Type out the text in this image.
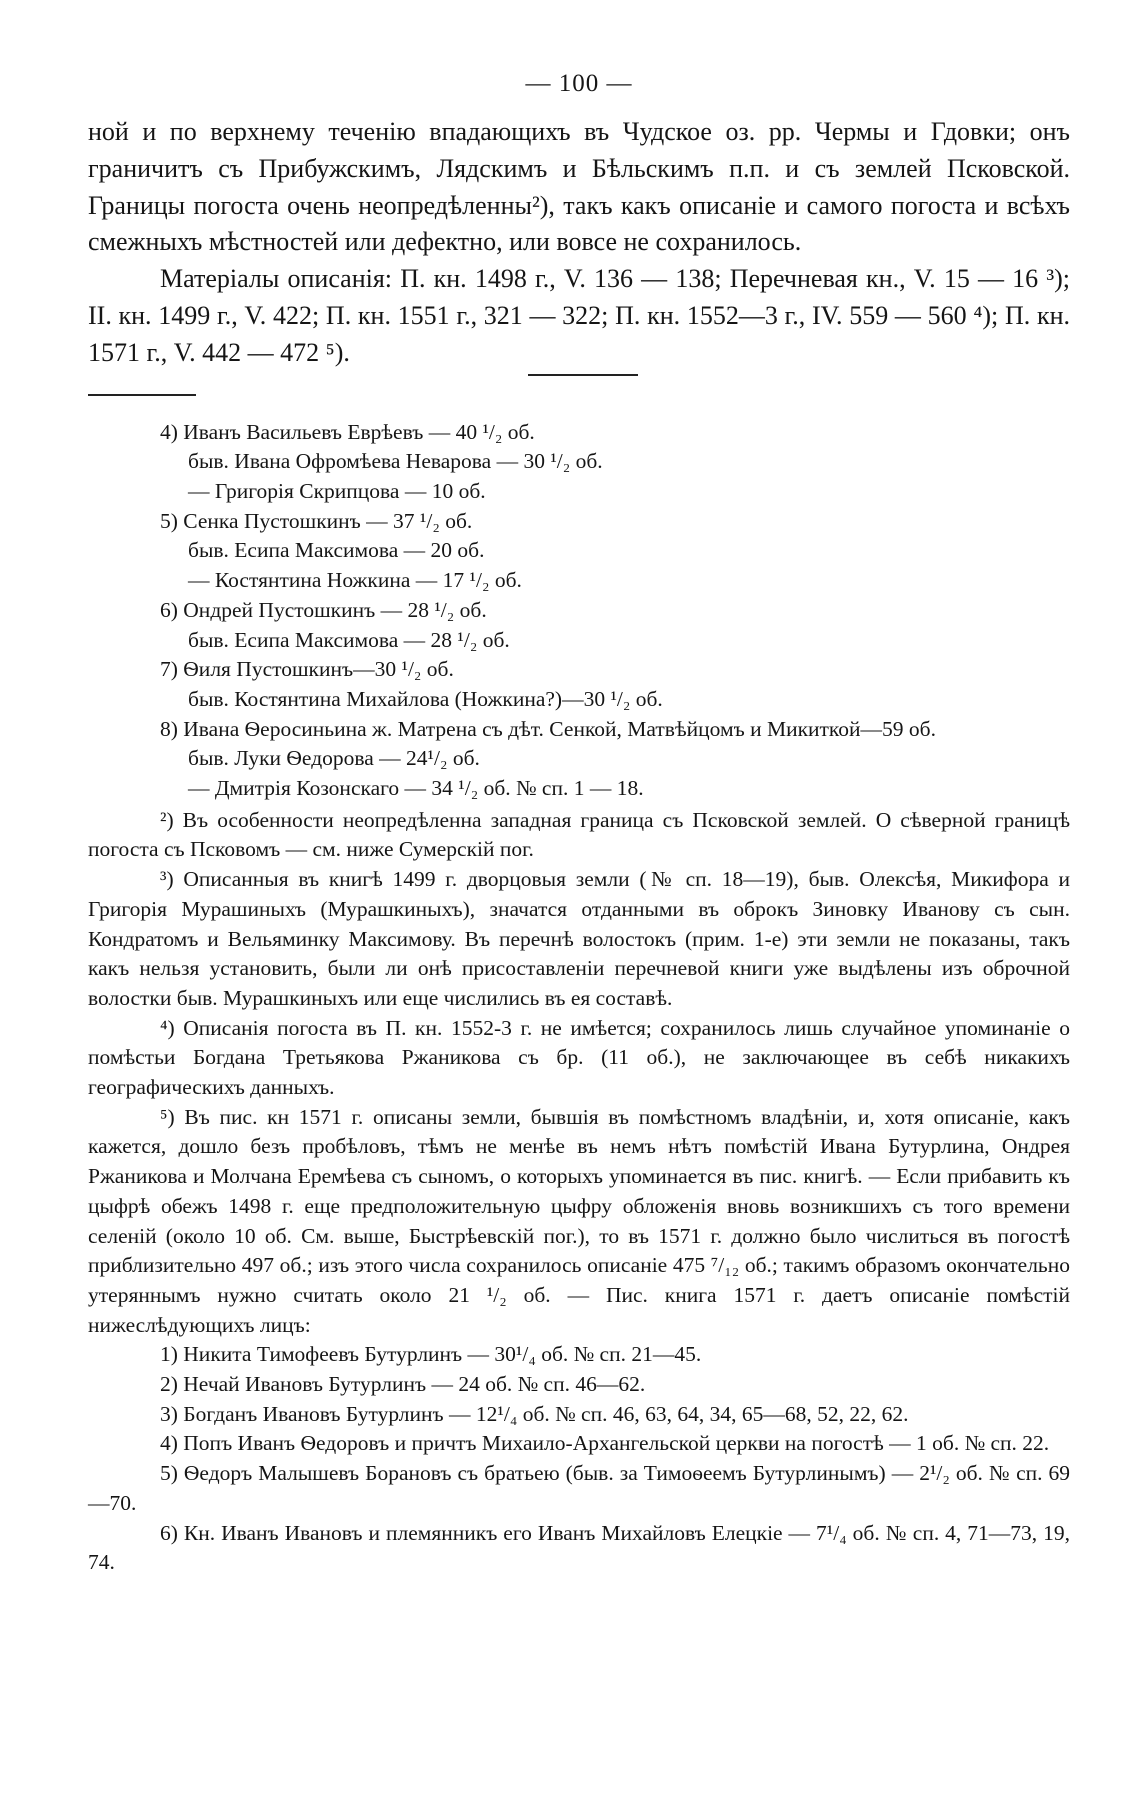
— 100 —

ной и по верхнему теченію впадающихъ въ Чудское оз. рр. Чермы и Гдовки; онъ граничитъ съ Прибужскимъ, Лядскимъ и Бѣльскимъ п.п. и съ землей Псковской. Границы погоста очень неопредѣленны²), такъ какъ описаніе и самого погоста и всѣхъ смежныхъ мѣстностей или дефектно, или вовсе не сохранилось.

Матеріалы описанія: П. кн. 1498 г., V. 136 — 138; Перечневая кн., V. 15 — 16 ³); II. кн. 1499 г., V. 422; П. кн. 1551 г., 321 — 322; П. кн. 1552—3 г., IV. 559 — 560 ⁴); П. кн. 1571 г., V. 442 — 472 ⁵).

4) Иванъ Васильевъ Еврѣевъ — 40 ¹/₂ об.

быв. Ивана Офромѣева Неварова — 30 ¹/₂ об.

— Григорія Скрипцова — 10 об.

5) Сенка Пустошкинъ — 37 ¹/₂ об.

быв. Есипа Максимова — 20 об.

— Костянтина Ножкина — 17 ¹/₂ об.

6) Ондрей Пустошкинъ — 28 ¹/₂ об.

быв. Есипа Максимова — 28 ¹/₂ об.

7) Ѳиля Пустошкинъ—30 ¹/₂ об.

быв. Костянтина Михайлова (Ножкина?)—30 ¹/₂ об.

8) Ивана Ѳеросиньина ж. Матрена съ дѣт. Сенкой, Матвѣйцомъ и Микиткой—59 об.

быв. Луки Ѳедорова — 24¹/₂ об.

— Дмитрія Козонскаго — 34 ¹/₂ об. № сп. 1 — 18.

²) Въ особенности неопредѣленна западная граница съ Псковской землей. О сѣверной границѣ погоста съ Псковомъ — см. ниже Сумерскій пог.

³) Описанныя въ книгѣ 1499 г. дворцовыя земли (№ сп. 18—19), быв. Олексѣя, Микифора и Григорія Мурашиныхъ (Мурашкиныхъ), значатся отданными въ оброкъ Зиновку Иванову съ сын. Кондратомъ и Вельяминку Максимову. Въ перечнѣ волостокъ (прим. 1-е) эти земли не показаны, такъ какъ нельзя установить, были ли онѣ присоставленіи перечневой книги уже выдѣлены изъ оброчной волостки быв. Мурашкиныхъ или еще числились въ ея составѣ.

⁴) Описанія погоста въ П. кн. 1552-3 г. не имѣется; сохранилось лишь случайное упоминаніе о помѣстьи Богдана Третьякова Ржаникова съ бр. (11 об.), не заключающее въ себѣ никакихъ географическихъ данныхъ.

⁵) Въ пис. кн 1571 г. описаны земли, бывшія въ помѣстномъ владѣніи, и, хотя описаніе, какъ кажется, дошло безъ пробѣловъ, тѣмъ не менѣе въ немъ нѣтъ помѣстій Ивана Бутурлина, Ондрея Ржаникова и Молчана Еремѣева съ сыномъ, о которыхъ упоминается въ пис. книгѣ. — Если прибавить къ цыфрѣ обежъ 1498 г. еще предположительную цыфру обложенія вновь возникшихъ съ того времени селеній (около 10 об. См. выше, Быстрѣевскій пог.), то въ 1571 г. должно было числиться въ погостѣ приблизительно 497 об.; изъ этого числа сохранилось описаніе 475 ⁷/₁₂ об.; такимъ образомъ окончательно утеряннымъ нужно считать около 21 ¹/₂ об. — Пис. книга 1571 г. даетъ описаніе помѣстій нижеслѣдующихъ лицъ:

1) Никита Тимофеевъ Бутурлинъ — 30¹/₄ об. № сп. 21—45.

2) Нечай Ивановъ Бутурлинъ — 24 об. № сп. 46—62.

3) Богданъ Ивановъ Бутурлинъ — 12¹/₄ об. № сп. 46, 63, 64, 34, 65—68, 52, 22, 62.

4) Попъ Иванъ Ѳедоровъ и причтъ Михаило-Архангельской церкви на погостѣ — 1 об. № сп. 22.

5) Ѳедоръ Малышевъ Борановъ съ братьею (быв. за Тимоѳеемъ Бутурлинымъ) — 2¹/₂ об. № сп. 69—70.

6) Кн. Иванъ Ивановъ и племянникъ его Иванъ Михайловъ Елецкіе — 7¹/₄ об. № сп. 4, 71—73, 19, 74.
